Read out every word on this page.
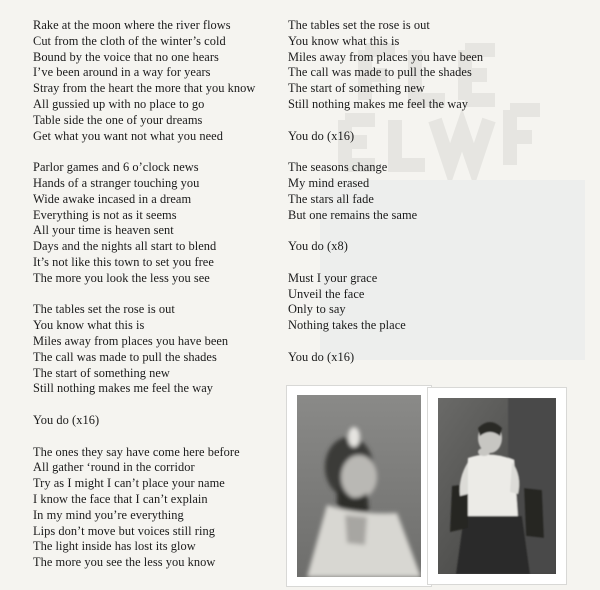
Rake at the moon where the river flows
Cut from the cloth of the winter’s cold
Bound by the voice that no one hears
I’ve been around in a way for years
Stray from the heart the more that you know
All gussied up with no place to go
Table side the one of your dreams
Get what you want not what you need
Parlor games and 6 o’clock news
Hands of a stranger touching you
Wide awake incased in a dream
Everything is not as it seems
All your time is heaven sent
Days and the nights all start to blend
It’s not like this town to set you free
The more you look the less you see
The tables set the rose is out
You know what this is
Miles away from places you have been
The call was made to pull the shades
The start of something new
Still nothing makes me feel the way
You do (x16)
The ones they say have come here before
All gather ‘round in the corridor
Try as I might I can’t place your name
I know the face that I can’t explain
In my mind you’re everything
Lips don’t move but voices still ring
The light inside has lost its glow
The more you see the less you know
The tables set the rose is out
You know what this is
Miles away from places you have been
The call was made to pull the shades
The start of something new
Still nothing makes me feel the way
You do (x16)
The seasons change
My mind erased
The stars all fade
But one remains the same
You do (x8)
Must I your grace
Unveil the face
Only to say
Nothing takes the place
You do (x16)
